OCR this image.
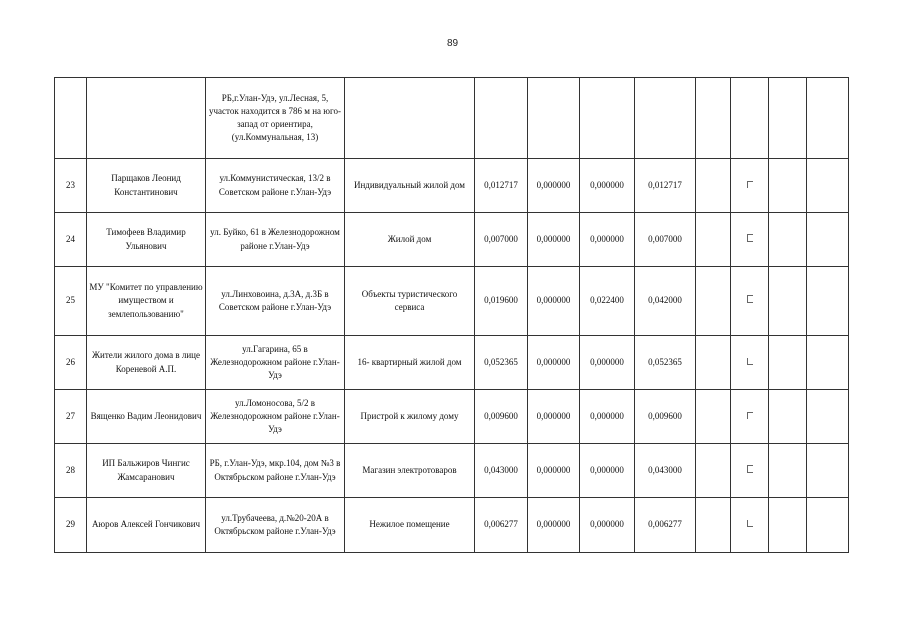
89
		РБ,г.Улан-Удэ, ул.Лесная, 5, участок находится в 786 м на юго-запад от ориентира, (ул.Коммунальная, 13)									
23	Парщаков Леонид Константинович	ул.Коммунистическая, 13/2 в Советском районе г.Улан-Удэ	Индивидуальный жилой дом	0,012717	0,000000	0,000000	0,012717				
24	Тимофеев Владимир Ульянович	ул. Буйко, 61 в Железнодорожном районе г.Улан-Удэ	Жилой дом	0,007000	0,000000	0,000000	0,007000				
25	МУ "Комитет по управлению имуществом и землепользованию"	ул.Линховоина, д.3А, д.3Б в Советском районе г.Улан-Удэ	Объекты туристического сервиса	0,019600	0,000000	0,022400	0,042000				
26	Жители жилого дома в лице Кореневой А.П.	ул.Гагарина, 65 в Железнодорожном районе г.Улан-Удэ	16- квартирный жилой дом	0,052365	0,000000	0,000000	0,052365				
27	Вященко Вадим Леонидович	ул.Ломоносова, 5/2 в Железнодорожном районе г.Улан-Удэ	Пристрой к жилому дому	0,009600	0,000000	0,000000	0,009600				
28	ИП Бальжиров Чингис Жамсаранович	РБ, г.Улан-Удэ, мкр.104, дом №3 в Октябрьском районе г.Улан-Удэ	Магазин электротоваров	0,043000	0,000000	0,000000	0,043000				
29	Аюров Алексей Гончикович	ул.Трубачеева, д.№20-20А в Октябрьском районе г.Улан-Удэ	Нежилое помещение	0,006277	0,000000	0,000000	0,006277				
